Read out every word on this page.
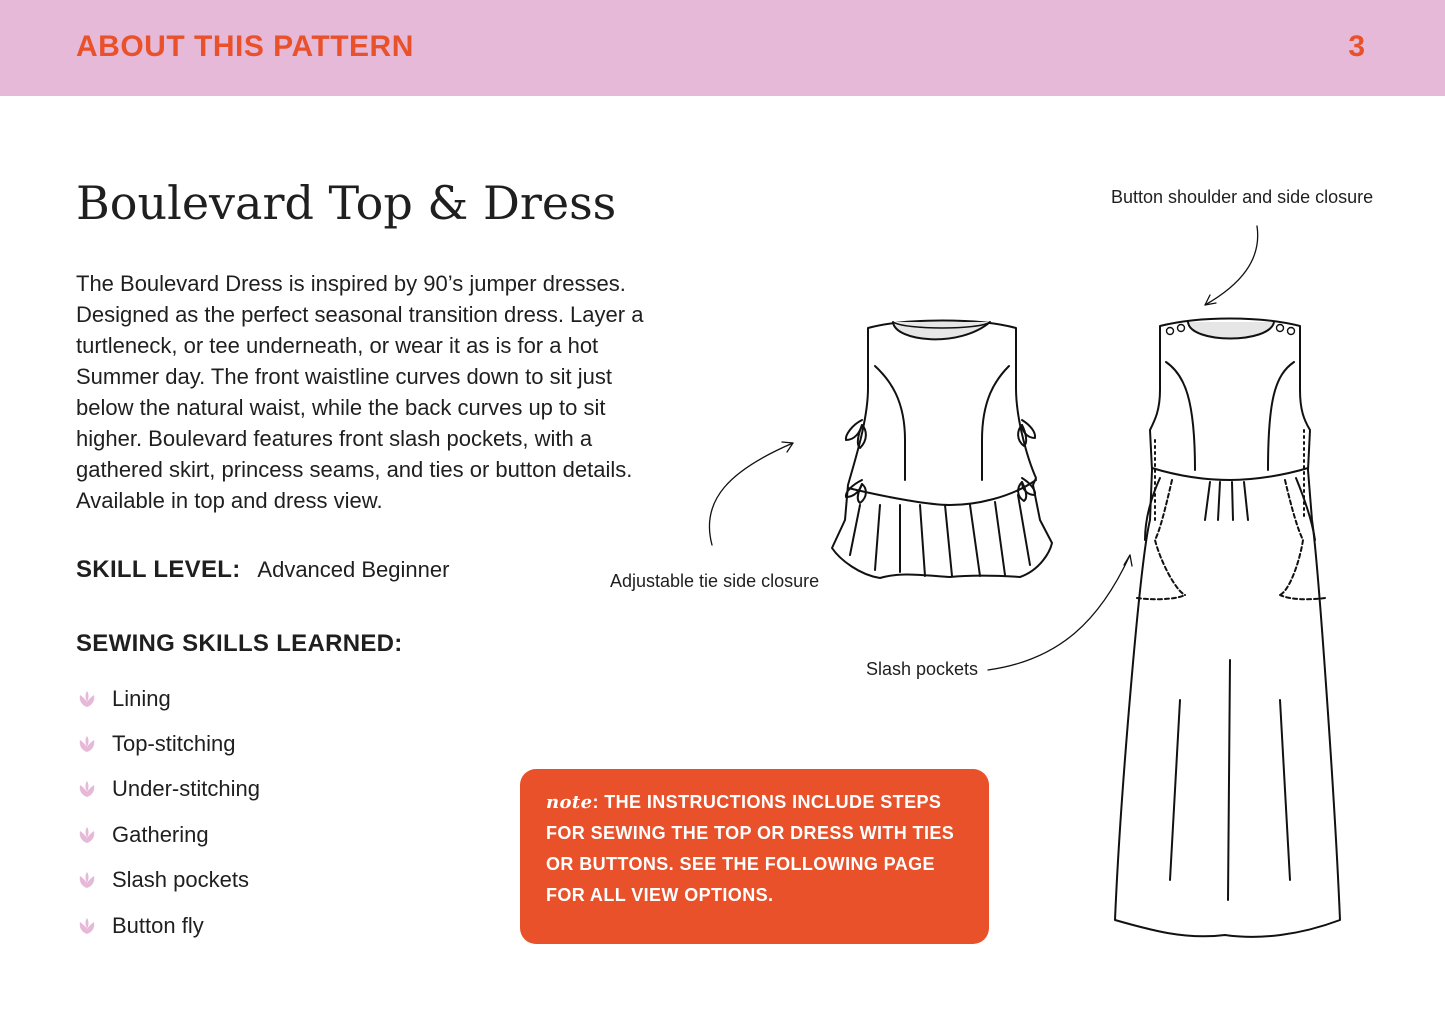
ABOUT THIS PATTERN	3
Boulevard Top & Dress

The Boulevard Dress is inspired by 90’s jumper dresses. Designed as the perfect seasonal transition dress. Layer a turtleneck, or tee underneath, or wear it as is for a hot Summer day. The front waistline curves down to sit just below the natural waist, while the back curves up to sit higher. Boulevard features front slash pockets, with a gathered skirt, princess seams, and ties or button details. Available in top and dress view.

SKILL LEVEL: Advanced Beginner
SEWING SKILLS LEARNED:
Lining
Top-stitching
Under-stitching
Gathering
Slash pockets
Button fly

note: THE INSTRUCTIONS INCLUDE STEPS FOR SEWING THE TOP OR DRESS WITH TIES OR BUTTONS. SEE THE FOLLOWING PAGE FOR ALL VIEW OPTIONS.

Button shoulder and side closure
Adjustable tie side closure
Slash pockets
